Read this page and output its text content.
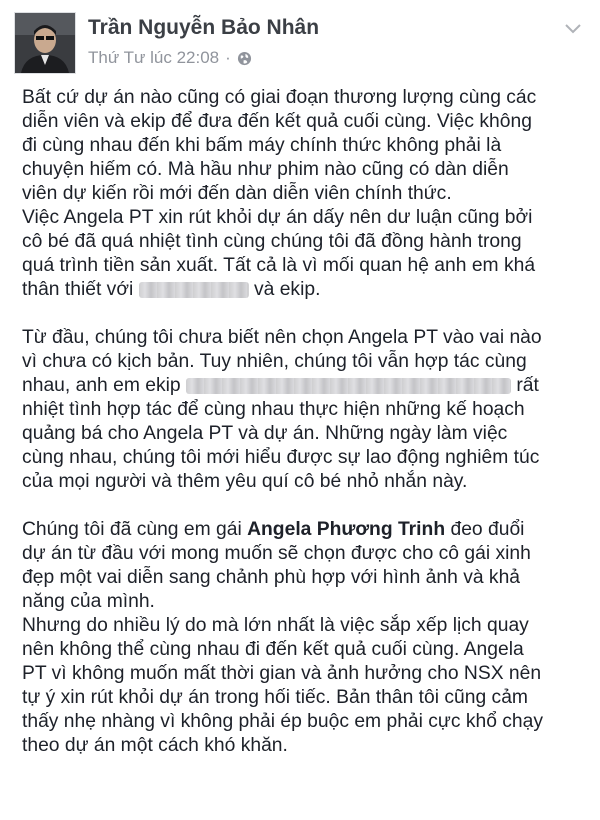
Trần Nguyễn Bảo Nhân
Thứ Tư lúc 22:08 ·
Bất cứ dự án nào cũng có giai đoạn thương lượng cùng các
diễn viên và ekip để đưa đến kết quả cuối cùng. Việc không
đi cùng nhau đến khi bấm máy chính thức không phải là
chuyện hiếm có. Mà hầu như phim nào cũng có dàn diễn
viên dự kiến rồi mới đến dàn diễn viên chính thức.
Việc Angela PT xin rút khỏi dự án dấy nên dư luận cũng bởi
cô bé đã quá nhiệt tình cùng chúng tôi đã đồng hành trong
quá trình tiền sản xuất. Tất cả là vì mối quan hệ anh em khá
thân thiết với	và ekip.
Từ đầu, chúng tôi chưa biết nên chọn Angela PT vào vai nào
vì chưa có kịch bản. Tuy nhiên, chúng tôi vẫn hợp tác cùng
nhau, anh em ekip	rất
nhiệt tình hợp tác để cùng nhau thực hiện những kế hoạch
quảng bá cho Angela PT và dự án. Những ngày làm việc
cùng nhau, chúng tôi mới hiểu được sự lao động nghiêm túc
của mọi người và thêm yêu quí cô bé nhỏ nhắn này.
Chúng tôi đã cùng em gái Angela Phương Trinh đeo đuổi
dự án từ đầu với mong muốn sẽ chọn được cho cô gái xinh
đẹp một vai diễn sang chảnh phù hợp với hình ảnh và khả
năng của mình.
Nhưng do nhiều lý do mà lớn nhất là việc sắp xếp lịch quay
nên không thể cùng nhau đi đến kết quả cuối cùng. Angela
PT vì không muốn mất thời gian và ảnh hưởng cho NSX nên
tự ý xin rút khỏi dự án trong hối tiếc. Bản thân tôi cũng cảm
thấy nhẹ nhàng vì không phải ép buộc em phải cực khổ chạy
theo dự án một cách khó khăn.
